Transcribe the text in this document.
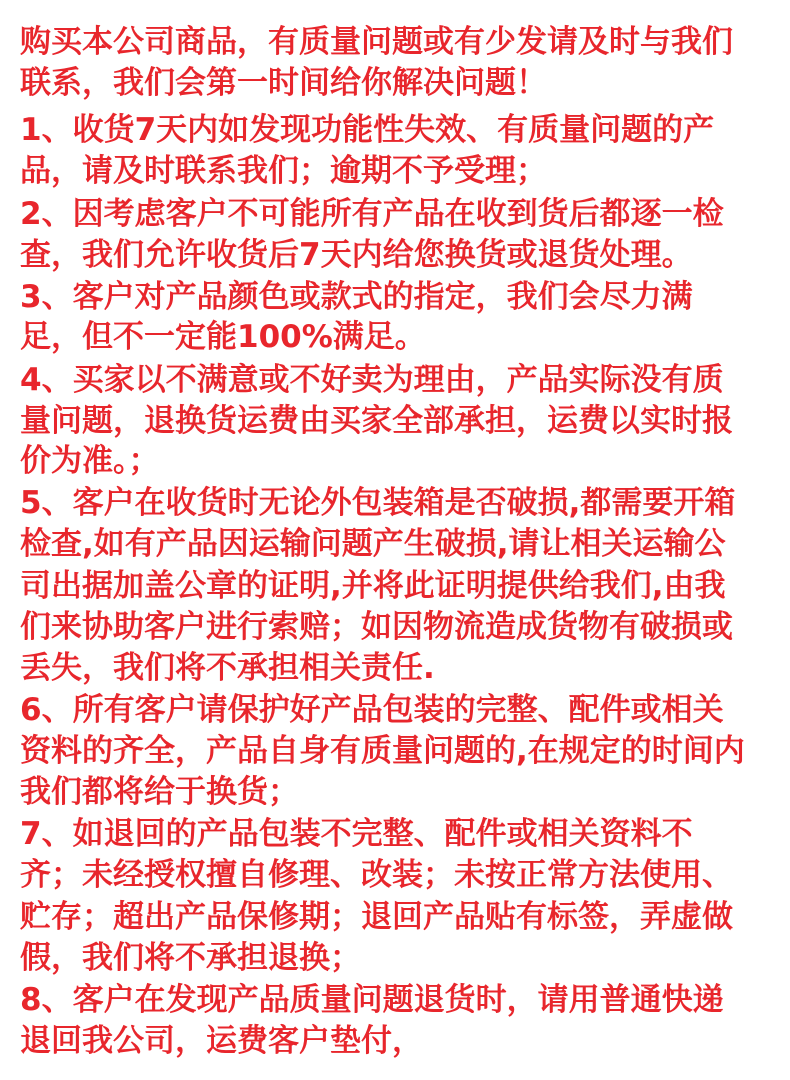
购买本公司商品，有质量问题或有少发请及时与我们
联系，我们会第一时间给你解决问题！
1、收货7天内如发现功能性失效、有质量问题的产
品，请及时联系我们；逾期不予受理；
2、因考虑客户不可能所有产品在收到货后都逐一检
查，我们允许收货后7天内给您换货或退货处理。
3、客户对产品颜色或款式的指定，我们会尽力满
足，但不一定能100%满足。
4、买家以不满意或不好卖为理由，产品实际没有质
量问题，退换货运费由买家全部承担，运费以实时报
价为准。；
5、客户在收货时无论外包装箱是否破损,都需要开箱
检查,如有产品因运输问题产生破损,请让相关运输公
司出据加盖公章的证明,并将此证明提供给我们,由我
们来协助客户进行索赔；如因物流造成货物有破损或
丢失，我们将不承担相关责任.
6、所有客户请保护好产品包装的完整、配件或相关
资料的齐全，产品自身有质量问题的,在规定的时间内
我们都将给于换货；
7、如退回的产品包装不完整、配件或相关资料不
齐；未经授权擅自修理、改装；未按正常方法使用、
贮存；超出产品保修期；退回产品贴有标签，弄虚做
假，我们将不承担退换；
8、客户在发现产品质量问题退货时，请用普通快递
退回我公司，运费客户垫付，
